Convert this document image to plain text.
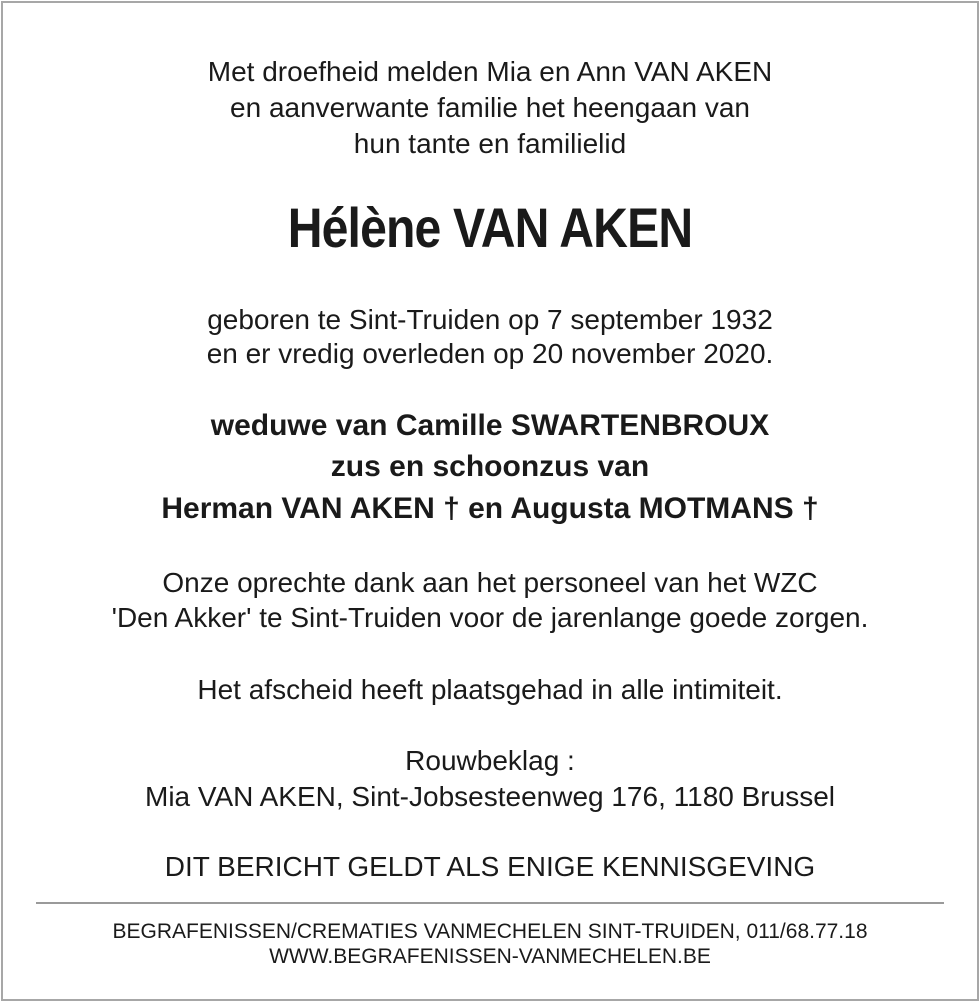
Met droefheid melden Mia en Ann VAN AKEN
en aanverwante familie het heengaan van
hun tante en familielid
Hélène VAN AKEN
geboren te Sint-Truiden op 7 september 1932
en er vredig overleden op 20 november 2020.
weduwe van Camille SWARTENBROUX
zus en schoonzus van
Herman VAN AKEN † en Augusta MOTMANS †
Onze oprechte dank aan het personeel van het WZC
'Den Akker' te Sint-Truiden voor de jarenlange goede zorgen.
Het afscheid heeft plaatsgehad in alle intimiteit.
Rouwbeklag :
Mia VAN AKEN, Sint-Jobsesteenweg 176, 1180 Brussel
DIT BERICHT GELDT ALS ENIGE KENNISGEVING
BEGRAFENISSEN/CREMATIES VANMECHELEN SINT-TRUIDEN, 011/68.77.18
WWW.BEGRAFENISSEN-VANMECHELEN.BE
